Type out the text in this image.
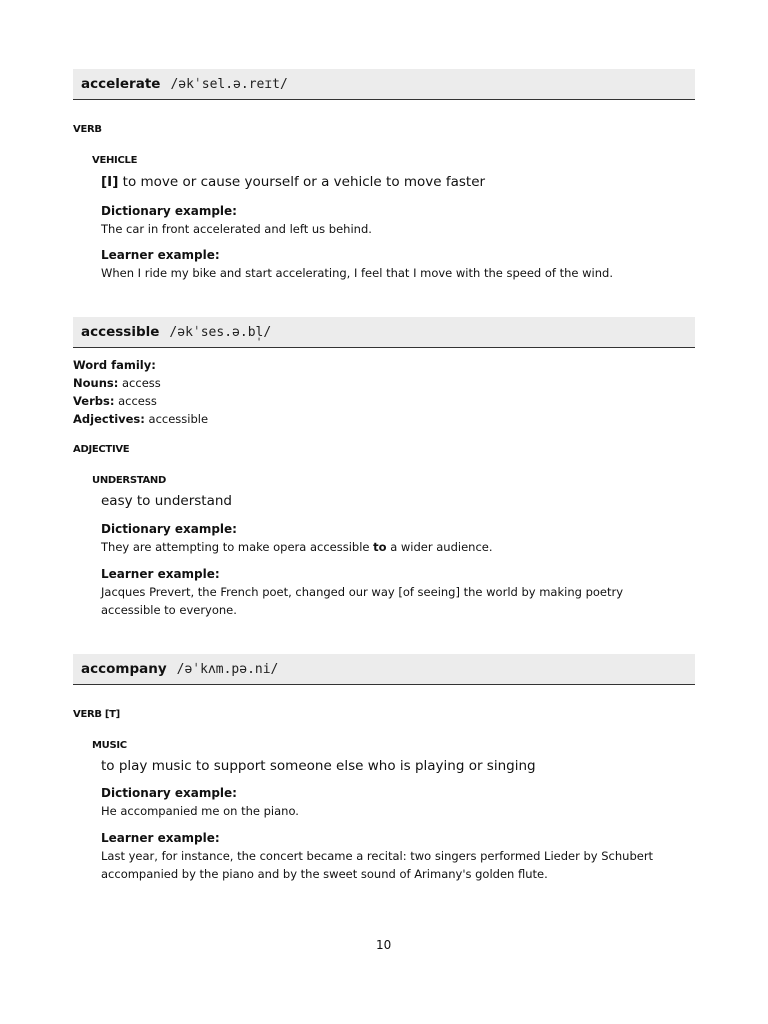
accelerate /əkˈsel.ə.reɪt/
VERB
VEHICLE
[I] to move or cause yourself or a vehicle to move faster
Dictionary example:
The car in front accelerated and left us behind.
Learner example:
When I ride my bike and start accelerating, I feel that I move with the speed of the wind.
accessible /əkˈses.ə.bl̩/
Word family:
Nouns: access
Verbs: access
Adjectives: accessible
ADJECTIVE
UNDERSTAND
easy to understand
Dictionary example:
They are attempting to make opera accessible to a wider audience.
Learner example:
Jacques Prevert, the French poet, changed our way [of seeing] the world by making poetry
accessible to everyone.
accompany /əˈkʌm.pə.ni/
VERB [T]
MUSIC
to play music to support someone else who is playing or singing
Dictionary example:
He accompanied me on the piano.
Learner example:
Last year, for instance, the concert became a recital: two singers performed Lieder by Schubert
accompanied by the piano and by the sweet sound of Arimany's golden flute.
10
